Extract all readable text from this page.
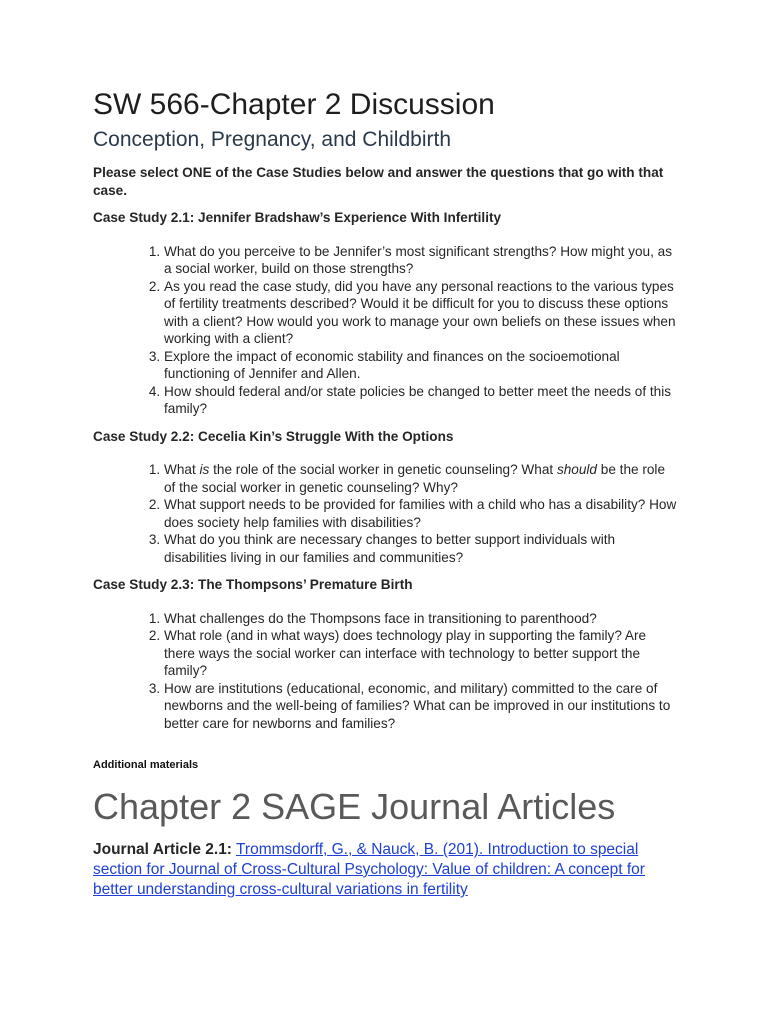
SW 566-Chapter 2 Discussion
Conception, Pregnancy, and Childbirth

Please select ONE of the Case Studies below and answer the questions that go with that case.

Case Study 2.1: Jennifer Bradshaw’s Experience With Infertility

1. What do you perceive to be Jennifer’s most significant strengths? How might you, as a social worker, build on those strengths?
2. As you read the case study, did you have any personal reactions to the various types of fertility treatments described? Would it be difficult for you to discuss these options with a client? How would you work to manage your own beliefs on these issues when working with a client?
3. Explore the impact of economic stability and finances on the socioemotional functioning of Jennifer and Allen.
4. How should federal and/or state policies be changed to better meet the needs of this family?

Case Study 2.2: Cecelia Kin’s Struggle With the Options

1. What is the role of the social worker in genetic counseling? What should be the role of the social worker in genetic counseling? Why?
2. What support needs to be provided for families with a child who has a disability? How does society help families with disabilities?
3. What do you think are necessary changes to better support individuals with disabilities living in our families and communities?

Case Study 2.3: The Thompsons’ Premature Birth

1. What challenges do the Thompsons face in transitioning to parenthood?
2. What role (and in what ways) does technology play in supporting the family? Are there ways the social worker can interface with technology to better support the family?
3. How are institutions (educational, economic, and military) committed to the care of newborns and the well-being of families? What can be improved in our institutions to better care for newborns and families?

Additional materials

Chapter 2 SAGE Journal Articles

Journal Article 2.1: Trommsdorff, G., & Nauck, B. (201). Introduction to special section for Journal of Cross-Cultural Psychology: Value of children: A concept for better understanding cross-cultural variations in fertility
